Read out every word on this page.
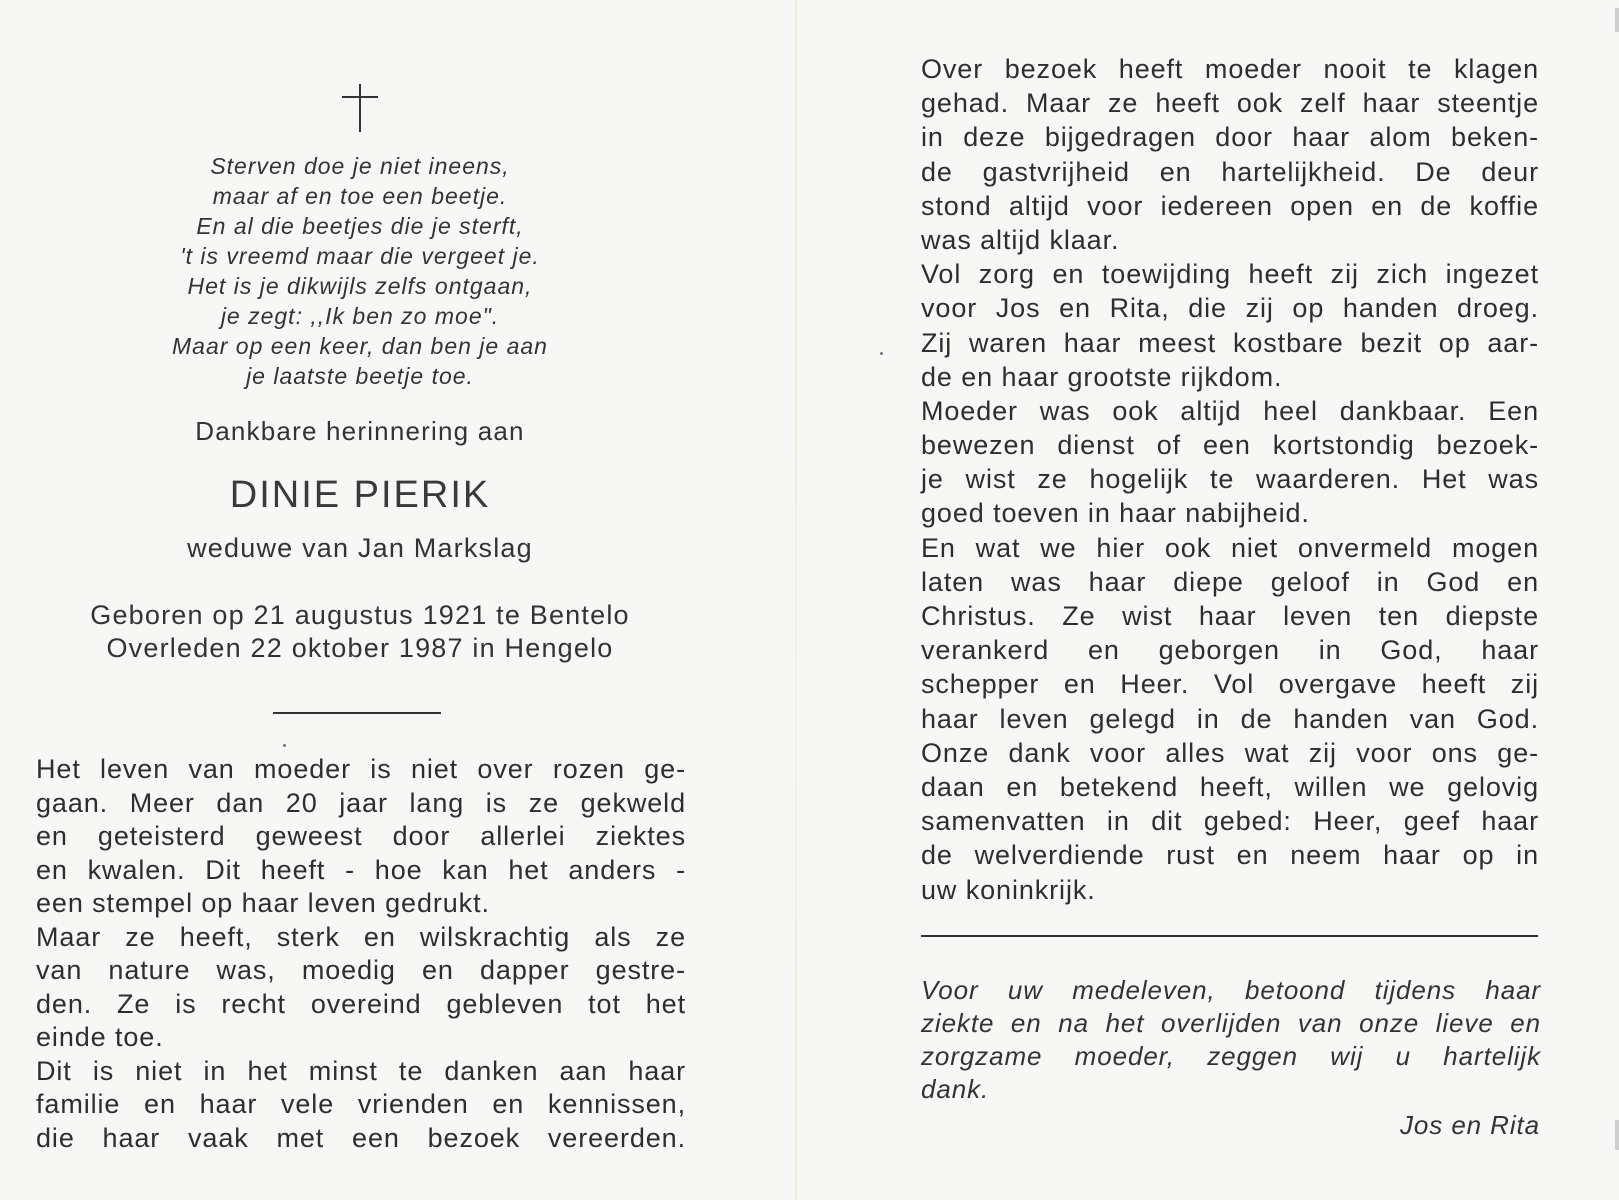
Sterven doe je niet ineens,
maar af en toe een beetje.
En al die beetjes die je sterft,
't is vreemd maar die vergeet je.
Het is je dikwijls zelfs ontgaan,
je zegt: ,,Ik ben zo moe".
Maar op een keer, dan ben je aan
je laatste beetje toe.
Dankbare herinnering aan
DINIE PIERIK
weduwe van Jan Markslag
Geboren op 21 augustus 1921 te Bentelo
Overleden 22 oktober 1987 in Hengelo
Het leven van moeder is niet over rozen ge-
gaan. Meer dan 20 jaar lang is ze gekweld
en geteisterd geweest door allerlei ziektes
en kwalen. Dit heeft - hoe kan het anders -
een stempel op haar leven gedrukt.
Maar ze heeft, sterk en wilskrachtig als ze
van nature was, moedig en dapper gestre-
den. Ze is recht overeind gebleven tot het
einde toe.
Dit is niet in het minst te danken aan haar
familie en haar vele vrienden en kennissen,
die haar vaak met een bezoek vereerden.
Over bezoek heeft moeder nooit te klagen
gehad. Maar ze heeft ook zelf haar steentje
in deze bijgedragen door haar alom beken-
de gastvrijheid en hartelijkheid. De deur
stond altijd voor iedereen open en de koffie
was altijd klaar.
Vol zorg en toewijding heeft zij zich ingezet
voor Jos en Rita, die zij op handen droeg.
Zij waren haar meest kostbare bezit op aar-
de en haar grootste rijkdom.
Moeder was ook altijd heel dankbaar. Een
bewezen dienst of een kortstondig bezoek-
je wist ze hogelijk te waarderen. Het was
goed toeven in haar nabijheid.
En wat we hier ook niet onvermeld mogen
laten was haar diepe geloof in God en
Christus. Ze wist haar leven ten diepste
verankerd en geborgen in God, haar
schepper en Heer. Vol overgave heeft zij
haar leven gelegd in de handen van God.
Onze dank voor alles wat zij voor ons ge-
daan en betekend heeft, willen we gelovig
samenvatten in dit gebed: Heer, geef haar
de welverdiende rust en neem haar op in
uw koninkrijk.
Voor uw medeleven, betoond tijdens haar
ziekte en na het overlijden van onze lieve en
zorgzame moeder, zeggen wij u hartelijk
dank.
Jos en Rita
